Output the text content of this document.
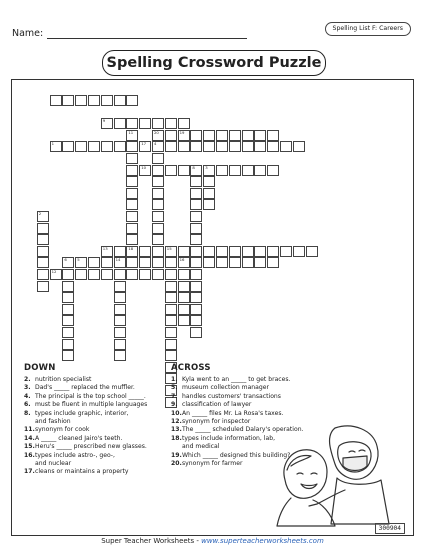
Name:	Spelling List F: Careers
Spelling Crossword Puzzle
1	17 4
2
3
5	14
6	16
8
9
10
11
12
13	18	15
19
20
DOWN
2. nutrition specialist
3. Dad's _____ replaced the muffler.
4. The principal is the top school _____.
6. must be fluent in multiple languages
8. types include graphic, interior,
and fashion
11. synonym for cook
14. A _____ cleaned Jairo's teeth.
15. Heru's _____ prescribed new glasses.
16. types include astro-, geo-,
and nuclear
17. cleans or maintains a property
ACROSS
1. Kyla went to an _____ to get braces.
5. museum collection manager
7. handles customers' transactions
9. classification of lawyer
10. An _____ files Mr. La Rosa's taxes.
12. synonym for inspector
13. The _____ scheduled Dalary's operation.
18. types include information, lab,
and medical
19. Which _____ designed this building?
20. synonym for farmer
300904
Super Teacher Worksheets - www.superteacherworksheets.com
